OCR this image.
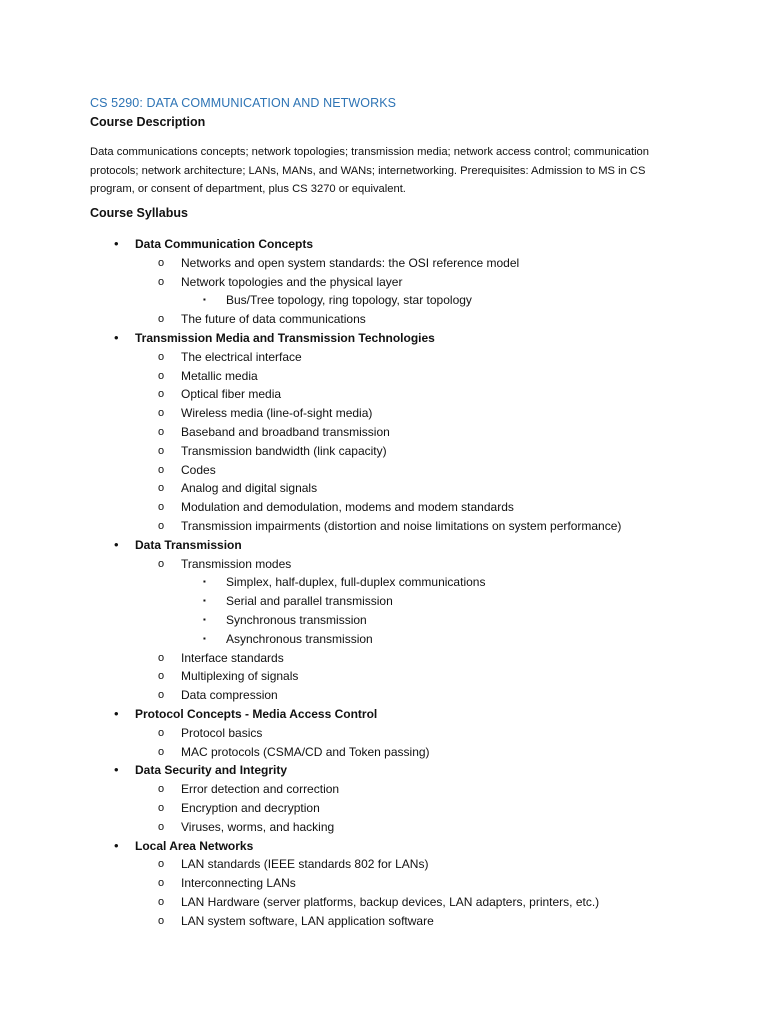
CS 5290: DATA COMMUNICATION AND NETWORKS
Course Description
Data communications concepts; network topologies; transmission media; network access control; communication protocols; network architecture; LANs, MANs, and WANs; internetworking. Prerequisites: Admission to MS in CS program, or consent of department, plus CS 3270 or equivalent.
Course Syllabus
• Data Communication Concepts
o Networks and open system standards: the OSI reference model
o Network topologies and the physical layer
▪ Bus/Tree topology, ring topology, star topology
o The future of data communications
• Transmission Media and Transmission Technologies
o The electrical interface
o Metallic media
o Optical fiber media
o Wireless media (line-of-sight media)
o Baseband and broadband transmission
o Transmission bandwidth (link capacity)
o Codes
o Analog and digital signals
o Modulation and demodulation, modems and modem standards
o Transmission impairments (distortion and noise limitations on system performance)
• Data Transmission
o Transmission modes
▪ Simplex, half-duplex, full-duplex communications
▪ Serial and parallel transmission
▪ Synchronous transmission
▪ Asynchronous transmission
o Interface standards
o Multiplexing of signals
o Data compression
• Protocol Concepts - Media Access Control
o Protocol basics
o MAC protocols (CSMA/CD and Token passing)
• Data Security and Integrity
o Error detection and correction
o Encryption and decryption
o Viruses, worms, and hacking
• Local Area Networks
o LAN standards (IEEE standards 802 for LANs)
o Interconnecting LANs
o LAN Hardware (server platforms, backup devices, LAN adapters, printers, etc.)
o LAN system software, LAN application software
